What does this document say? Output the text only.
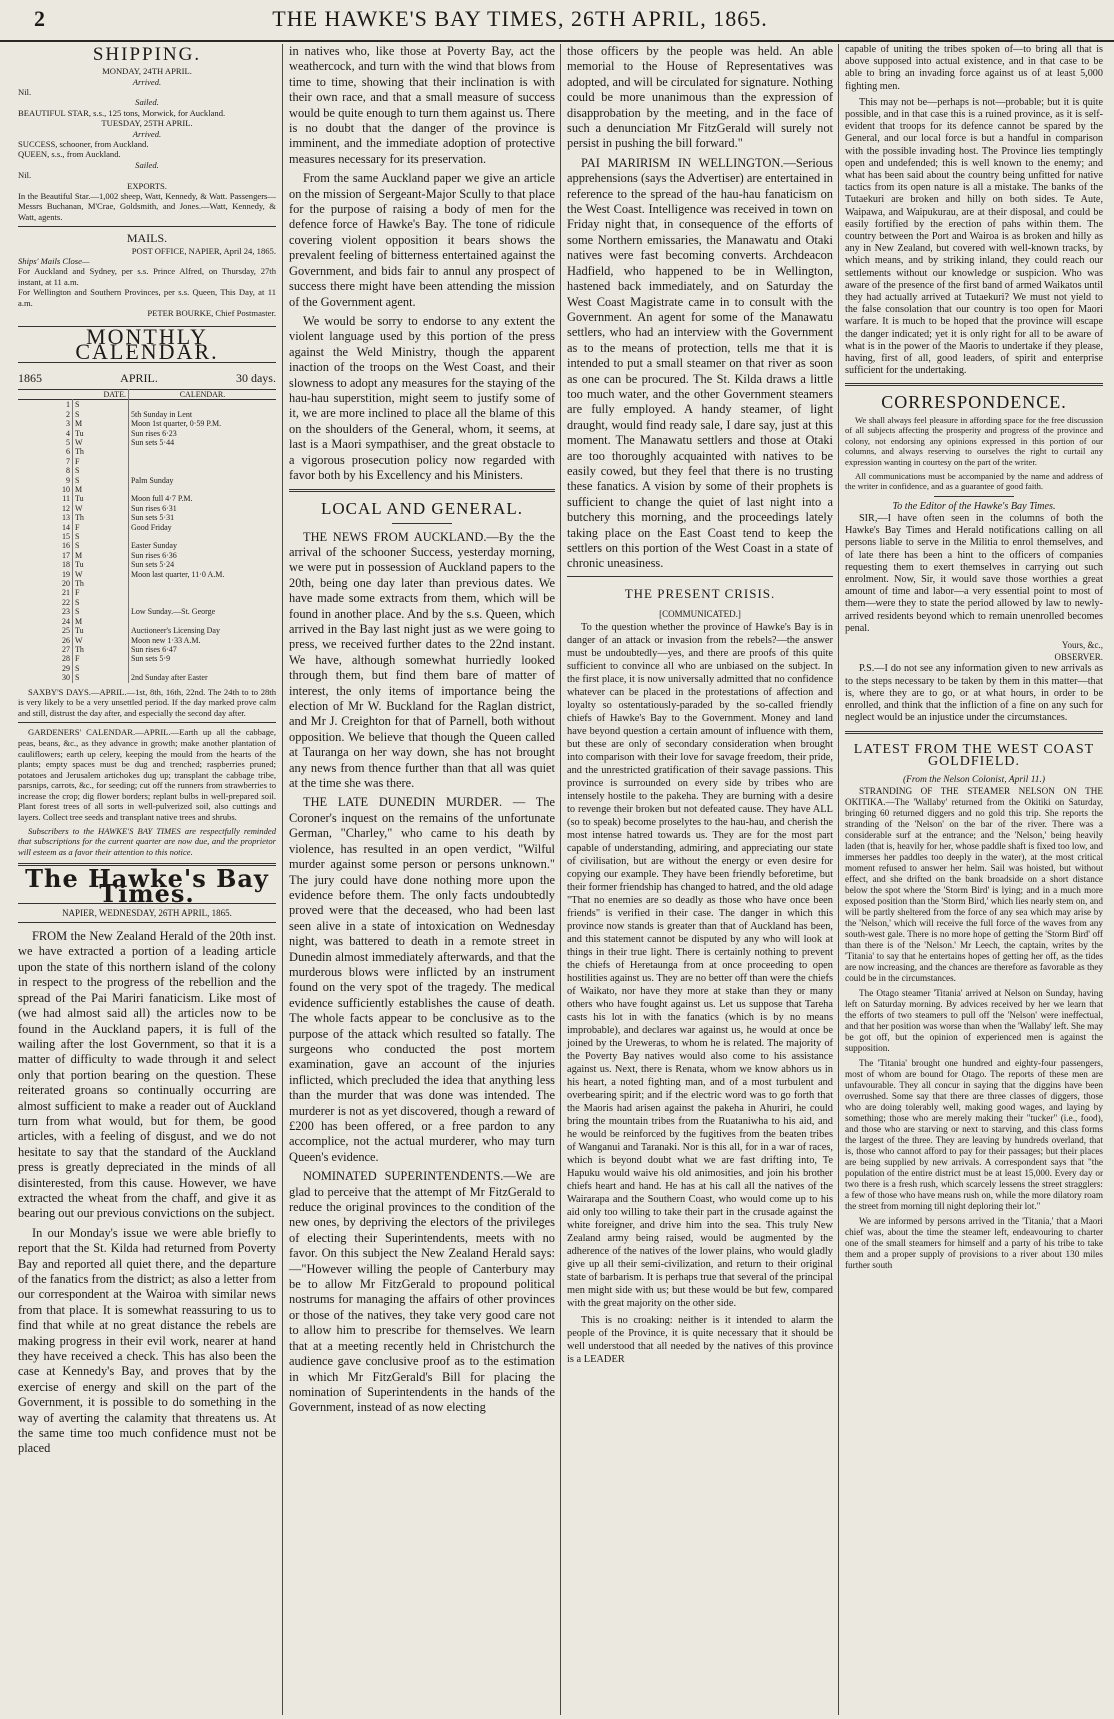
2	THE HAWKE'S BAY TIMES, 26TH APRIL, 1865.
SHIPPING.
MONDAY, 24TH APRIL.
Arrived.
Nil.
Sailed.
BEAUTIFUL STAR, s.s., 125 tons, Morwick, for Auckland.
TUESDAY, 25TH APRIL.
Arrived.
SUCCESS, schooner, from Auckland.
QUEEN, s.s., from Auckland.
Sailed.
Nil.
EXPORTS.
In the Beautiful Star.—1,002 sheep, Watt, Kennedy, & Watt. Passengers—Messrs Buchanan, M'Crae, Goldsmith, and Jones.—Watt, Kennedy, & Watt, agents.
MAILS.
POST OFFICE, NAPIER, April 24, 1865.
Ships' Mails Close—
For Auckland and Sydney, per s.s. Prince Alfred, on Thursday, 27th instant, at 11 a.m.
For Wellington and Southern Provinces, per s.s. Queen, This Day, at 11 a.m.
PETER BOURKE, Chief Postmaster.
MONTHLY CALENDAR.
1865	APRIL.	30 days.
DATE.		CALENDAR.
1	S	
2	S	5th Sunday in Lent
3	M	Moon 1st quarter, 0·59 P.M.
4	Tu	Sun rises 6·23
5	W	Sun sets 5·44
6	Th	
7	F	
8	S	
9	S	Palm Sunday
10	M	
11	Tu	Moon full 4·7 P.M.
12	W	Sun rises 6·31
13	Th	Sun sets 5·31
14	F	Good Friday
15	S	
16	S	Easter Sunday
17	M	Sun rises 6·36
18	Tu	Sun sets 5·24
19	W	Moon last quarter, 11·0 A.M.
20	Th	
21	F	
22	S	
23	S	Low Sunday.—St. George
24	M	
25	Tu	Auctioneer's Licensing Day
26	W	Moon new 1·33 A.M.
27	Th	Sun rises 6·47
28	F	Sun sets 5·9
29	S	
30	S	2nd Sunday after Easter
SAXBY'S DAYS.—APRIL.—1st, 8th, 16th, 22nd. The 24th to to 28th is very likely to be a very unsettled period. If the day marked prove calm and still, distrust the day after, and especially the second day after.
GARDENERS' CALENDAR.—APRIL.—Earth up all the cabbage, peas, beans, &c., as they advance in growth; make another plantation of cauliflowers; earth up celery, keeping the mould from the hearts of the plants; empty spaces must be dug and trenched; raspberries pruned; potatoes and Jerusalem artichokes dug up; transplant the cabbage tribe, parsnips, carrots, &c., for seeding; cut off the runners from strawberries to increase the crop; dig flower borders; replant bulbs in well-prepared soil. Plant forest trees of all sorts in well-pulverized soil, also cuttings and layers. Collect tree seeds and transplant native trees and shrubs.
Subscribers to the HAWKE'S BAY TIMES are respectfully reminded that subscriptions for the current quarter are now due, and the proprietor will esteem as a favor their attention to this notice.
The Hawke's Bay Times.
NAPIER, WEDNESDAY, 26TH APRIL, 1865.

FROM the New Zealand Herald of the 20th inst. we have extracted a portion of a leading article upon the state of this northern island of the colony in respect to the progress of the rebellion and the spread of the Pai Mariri fanaticism. Like most of (we had almost said all) the articles now to be found in the Auckland papers, it is full of the wailing after the lost Government, so that it is a matter of difficulty to wade through it and select only that portion bearing on the question. These reiterated groans so continually occurring are almost sufficient to make a reader out of Auckland turn from what would, but for them, be good articles, with a feeling of disgust, and we do not hesitate to say that the standard of the Auckland press is greatly depreciated in the minds of all disinterested, from this cause. However, we have extracted the wheat from the chaff, and give it as bearing out our previous convictions on the subject.

In our Monday's issue we were able briefly to report that the St. Kilda had returned from Poverty Bay and reported all quiet there, and the departure of the fanatics from the district; as also a letter from our correspondent at the Wairoa with similar news from that place. It is somewhat reassuring to us to find that while at no great distance the rebels are making progress in their evil work, nearer at hand they have received a check. This has also been the case at Kennedy's Bay, and proves that by the exercise of energy and skill on the part of the Government, it is possible to do something in the way of averting the calamity that threatens us. At the same time too much confidence must not be placed

in natives who, like those at Poverty Bay, act the weathercock, and turn with the wind that blows from time to time, showing that their inclination is with their own race, and that a small measure of success would be quite enough to turn them against us. There is no doubt that the danger of the province is imminent, and the immediate adoption of protective measures necessary for its preservation.

From the same Auckland paper we give an article on the mission of Sergeant-Major Scully to that place for the purpose of raising a body of men for the defence force of Hawke's Bay. The tone of ridicule covering violent opposition it bears shows the prevalent feeling of bitterness entertained against the Government, and bids fair to annul any prospect of success there might have been attending the mission of the Government agent.

We would be sorry to endorse to any extent the violent language used by this portion of the press against the Weld Ministry, though the apparent inaction of the troops on the West Coast, and their slowness to adopt any measures for the staying of the hau-hau superstition, might seem to justify some of it, we are more inclined to place all the blame of this on the shoulders of the General, whom, it seems, at last is a Maori sympathiser, and the great obstacle to a vigorous prosecution policy now regarded with favor both by his Excellency and his Ministers.

LOCAL AND GENERAL.

THE NEWS FROM AUCKLAND.—By the the arrival of the schooner Success, yesterday morning, we were put in possession of Auckland papers to the 20th, being one day later than previous dates. We have made some extracts from them, which will be found in another place. And by the s.s. Queen, which arrived in the Bay last night just as we were going to press, we received further dates to the 22nd instant. We have, although somewhat hurriedly looked through them, but find them bare of matter of interest, the only items of importance being the election of Mr W. Buckland for the Raglan district, and Mr J. Creighton for that of Parnell, both without opposition. We believe that though the Queen called at Tauranga on her way down, she has not brought any news from thence further than that all was quiet at the time she was there.

THE LATE DUNEDIN MURDER. — The Coroner's inquest on the remains of the unfortunate German, "Charley," who came to his death by violence, has resulted in an open verdict, "Wilful murder against some person or persons unknown." The jury could have done nothing more upon the evidence before them. The only facts undoubtedly proved were that the deceased, who had been last seen alive in a state of intoxication on Wednesday night, was battered to death in a remote street in Dunedin almost immediately afterwards, and that the murderous blows were inflicted by an instrument found on the very spot of the tragedy. The medical evidence sufficiently establishes the cause of death. The whole facts appear to be conclusive as to the purpose of the attack which resulted so fatally. The surgeons who conducted the post mortem examination, gave an account of the injuries inflicted, which precluded the idea that anything less than the murder that was done was intended. The murderer is not as yet discovered, though a reward of £200 has been offered, or a free pardon to any accomplice, not the actual murderer, who may turn Queen's evidence.

NOMINATED SUPERINTENDENTS.—We are glad to perceive that the attempt of Mr FitzGerald to reduce the original provinces to the condition of the new ones, by depriving the electors of the privileges of electing their Superintendents, meets with no favor. On this subject the New Zealand Herald says:—"However willing the people of Canterbury may be to allow Mr FitzGerald to propound political nostrums for managing the affairs of other provinces or those of the natives, they take very good care not to allow him to prescribe for themselves. We learn that at a meeting recently held in Christchurch the audience gave conclusive proof as to the estimation in which Mr FitzGerald's Bill for placing the nomination of Superintendents in the hands of the Government, instead of as now electing

those officers by the people was held. An able memorial to the House of Representatives was adopted, and will be circulated for signature. Nothing could be more unanimous than the expression of disapprobation by the meeting, and in the face of such a denunciation Mr FitzGerald will surely not persist in pushing the bill forward."

PAI MARIRISM IN WELLINGTON.—Serious apprehensions (says the Advertiser) are entertained in reference to the spread of the hau-hau fanaticism on the West Coast. Intelligence was received in town on Friday night that, in consequence of the efforts of some Northern emissaries, the Manawatu and Otaki natives were fast becoming converts. Archdeacon Hadfield, who happened to be in Wellington, hastened back immediately, and on Saturday the West Coast Magistrate came in to consult with the Government. An agent for some of the Manawatu settlers, who had an interview with the Government as to the means of protection, tells me that it is intended to put a small steamer on that river as soon as one can be procured. The St. Kilda draws a little too much water, and the other Government steamers are fully employed. A handy steamer, of light draught, would find ready sale, I dare say, just at this moment. The Manawatu settlers and those at Otaki are too thoroughly acquainted with natives to be easily cowed, but they feel that there is no trusting these fanatics. A vision by some of their prophets is sufficient to change the quiet of last night into a butchery this morning, and the proceedings lately taking place on the East Coast tend to keep the settlers on this portion of the West Coast in a state of chronic uneasiness.

THE PRESENT CRISIS.
[COMMUNICATED.]

To the question whether the province of Hawke's Bay is in danger of an attack or invasion from the rebels?—the answer must be undoubtedly—yes, and there are proofs of this quite sufficient to convince all who are unbiased on the subject. In the first place, it is now universally admitted that no confidence whatever can be placed in the protestations of affection and loyalty so ostentatiously-paraded by the so-called friendly chiefs of Hawke's Bay to the Government. Money and land have beyond question a certain amount of influence with them, but these are only of secondary consideration when brought into comparison with their love for savage freedom, their pride, and the unrestricted gratification of their savage passions. This province is surrounded on every side by tribes who are intensely hostile to the pakeha. They are burning with a desire to revenge their broken but not defeated cause. They have ALL (so to speak) become proselytes to the hau-hau, and cherish the most intense hatred towards us. They are for the most part capable of understanding, admiring, and appreciating our state of civilisation, but are without the energy or even desire for copying our example. They have been friendly beforetime, but their former friendship has changed to hatred, and the old adage "That no enemies are so deadly as those who have once been friends" is verified in their case. The danger in which this province now stands is greater than that of Auckland has been, and this statement cannot be disputed by any who will look at things in their true light. There is certainly nothing to prevent the chiefs of Heretaunga from at once proceeding to open hostilities against us. They are no better off than were the chiefs of Waikato, nor have they more at stake than they or many others who have fought against us. Let us suppose that Tareha casts his lot in with the fanatics (which is by no means improbable), and declares war against us, he would at once be joined by the Ureweras, to whom he is related. The majority of the Poverty Bay natives would also come to his assistance against us. Next, there is Renata, whom we know abhors us in his heart, a noted fighting man, and of a most turbulent and overbearing spirit; and if the electric word was to go forth that the Maoris had arisen against the pakeha in Ahuriri, he could bring the mountain tribes from the Ruataniwha to his aid, and he would be reinforced by the fugitives from the beaten tribes of Wanganui and Taranaki. Nor is this all, for in a war of races, which is beyond doubt what we are fast drifting into, Te Hapuku would waive his old animosities, and join his brother chiefs heart and hand. He has at his call all the natives of the Wairarapa and the Southern Coast, who would come up to his aid only too willing to take their part in the crusade against the white foreigner, and drive him into the sea. This truly New Zealand army being raised, would be augmented by the adherence of the natives of the lower plains, who would gladly give up all their semi-civilization, and return to their original state of barbarism. It is perhaps true that several of the principal men might side with us; but these would be but few, compared with the great majority on the other side.

This is no croaking: neither is it intended to alarm the people of the Province, it is quite necessary that it should be well understood that all needed by the natives of this province is a LEADER

capable of uniting the tribes spoken of—to bring all that is above supposed into actual existence, and in that case to be able to bring an invading force against us of at least 5,000 fighting men.

This may not be—perhaps is not—probable; but it is quite possible, and in that case this is a ruined province, as it is self-evident that troops for its defence cannot be spared by the General, and our local force is but a handful in comparison with the possible invading host. The Province lies temptingly open and undefended; this is well known to the enemy; and what has been said about the country being unfitted for native tactics from its open nature is all a mistake. The banks of the Tutaekuri are broken and hilly on both sides. Te Aute, Waipawa, and Waipukurau, are at their disposal, and could be easily fortified by the erection of pahs within them. The country between the Port and Wairoa is as broken and hilly as any in New Zealand, but covered with well-known tracks, by which means, and by striking inland, they could reach our settlements without our knowledge or suspicion. Who was aware of the presence of the first band of armed Waikatos until they had actually arrived at Tutaekuri? We must not yield to the false consolation that our country is too open for Maori warfare. It is much to be hoped that the province will escape the danger indicated; yet it is only right for all to be aware of what is in the power of the Maoris to undertake if they please, having, first of all, good leaders, of spirit and enterprise sufficient for the undertaking.

CORRESPONDENCE.
We shall always feel pleasure in affording space for the free discussion of all subjects affecting the prosperity and progress of the province and colony, not endorsing any opinions expressed in this portion of our columns, and always reserving to ourselves the right to curtail any expression wanting in courtesy on the part of the writer.
All communications must be accompanied by the name and address of the writer in confidence, and as a guarantee of good faith.
To the Editor of the Hawke's Bay Times.

SIR,—I have often seen in the columns of both the Hawke's Bay Times and Herald notifications calling on all persons liable to serve in the Militia to enrol themselves, and of late there has been a hint to the officers of companies requesting them to exert themselves in carrying out such enrolment. Now, Sir, it would save those worthies a great amount of time and labor—a very essential point to most of them—were they to state the period allowed by law to newly-arrived residents beyond which to remain unenrolled becomes penal.

Yours, &c.,
OBSERVER.

P.S.—I do not see any information given to new arrivals as to the steps necessary to be taken by them in this matter—that is, where they are to go, or at what hours, in order to be enrolled, and think that the infliction of a fine on any such for neglect would be an injustice under the circumstances.

LATEST FROM THE WEST COAST GOLDFIELD.
(From the Nelson Colonist, April 11.)

STRANDING OF THE STEAMER NELSON ON THE OKITIKA.—The 'Wallaby' returned from the Okitiki on Saturday, bringing 60 returned diggers and no gold this trip. She reports the stranding of the 'Nelson' on the bar of the river. There was a considerable surf at the entrance; and the 'Nelson,' being heavily laden (that is, heavily for her, whose paddle shaft is fixed too low, and immerses her paddles too deeply in the water), at the most critical moment refused to answer her helm. Sail was hoisted, but without effect, and she drifted on the bank broadside on a short distance below the spot where the 'Storm Bird' is lying; and in a much more exposed position than the 'Storm Bird,' which lies nearly stem on, and will be partly sheltered from the force of any sea which may arise by the 'Nelson,' which will receive the full force of the waves from any south-west gale. There is no more hope of getting the 'Storm Bird' off than there is of the 'Nelson.' Mr Leech, the captain, writes by the 'Titania' to say that he entertains hopes of getting her off, as the tides are now increasing, and the chances are therefore as favorable as they could be in the circumstances.

The Otago steamer 'Titania' arrived at Nelson on Sunday, having left on Saturday morning. By advices received by her we learn that the efforts of two steamers to pull off the 'Nelson' were ineffectual, and that her position was worse than when the 'Wallaby' left. She may be got off, but the opinion of experienced men is against the supposition.

The 'Titania' brought one hundred and eighty-four passengers, most of whom are bound for Otago. The reports of these men are unfavourable. They all concur in saying that the diggins have been overrushed. Some say that there are three classes of diggers, those who are doing tolerably well, making good wages, and laying by something; those who are merely making their "tucker" (i.e., food), and those who are starving or next to starving, and this class forms the largest of the three. They are leaving by hundreds overland, that is, those who cannot afford to pay for their passages; but their places are being supplied by new arrivals. A correspondent says that "the population of the entire district must be at least 15,000. Every day or two there is a fresh rush, which scarcely lessens the street stragglers: a few of those who have means rush on, while the more dilatory roam the street from morning till night deploring their lot."

We are informed by persons arrived in the 'Titania,' that a Maori chief was, about the time the steamer left, endeavouring to charter one of the small steamers for himself and a party of his tribe to take them and a proper supply of provisions to a river about 130 miles further south
